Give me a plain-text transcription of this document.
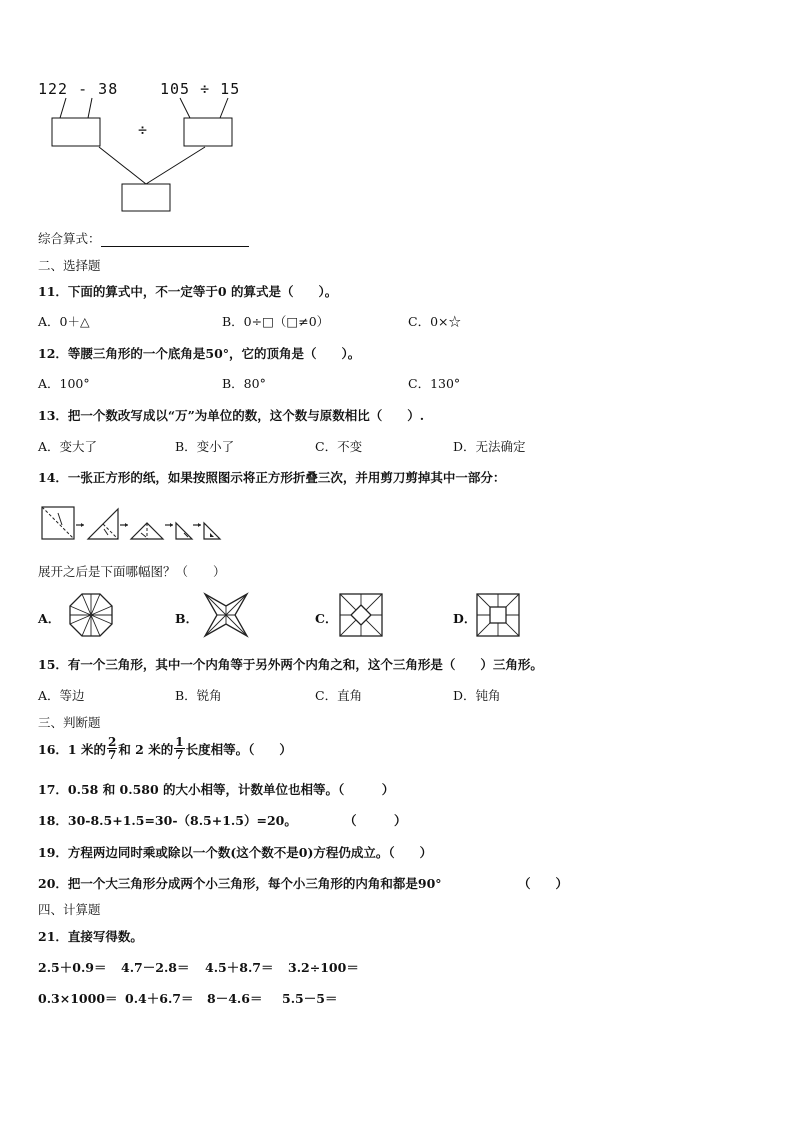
122 - 38	105 ÷ 15
÷
综合算式：
二、选择题
11．下面的算式中，不一定等于0 的算式是（　　）。
A．0＋△	B．0÷□（□≠0）	C．0×☆
12．等腰三角形的一个底角是50°，它的顶角是（　　）。
A．100°	B．80°	C．130°
13．把一个数改写成以“万”为单位的数，这个数与原数相比（　　）.
A．变大了	B．变小了	C．不变	D．无法确定
14．一张正方形的纸，如果按照图示将正方形折叠三次，并用剪刀剪掉其中一部分：
展开之后是下面哪幅图？（　　）
A．	B．	C．	D．
15．有一个三角形，其中一个内角等于另外两个内角之和，这个三角形是（　　）三角形。
A．等边	B．锐角	C．直角	D．钝角
三、判断题
16．1 米的 $\frac{2}{7}$ 和 2 米的 $\frac{1}{7}$ 长度相等。（　　）
17．0.58 和 0.580 的大小相等，计数单位也相等。（　　　）
18．30-8.5+1.5=30-（8.5+1.5）=20。	（　　　）
19．方程两边同时乘或除以一个数(这个数不是0)方程仍成立。（　　）
20．把一个大三角形分成两个小三角形，每个小三角形的内角和都是90°	（　　）
四、计算题
21．直接写得数。
2.5＋0.9＝ 4.7－2.8＝ 4.5＋8.7＝ 3.2÷100＝
0.3×1000＝ 0.4＋6.7＝ 8－4.6＝ 5.5－5＝
